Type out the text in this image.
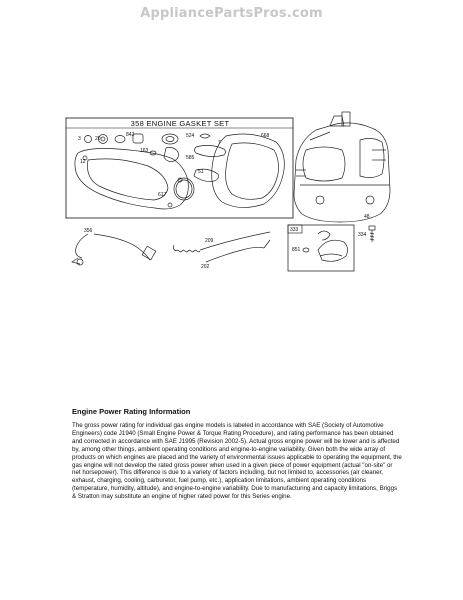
AppliancePartsPros.com
358 ENGINE GASKET SET
3	20
842	524	668
163
7
585
12
51
617
48
356
209
202
333
851
334
Engine Power Rating Information

The gross power rating for individual gas engine models is labeled in accordance with SAE (Society of Automotive Engineers) code J1940 (Small Engine Power & Torque Rating Procedure), and rating performance has been obtained and corrected in accordance with SAE J1995 (Revision 2002-5). Actual gross engine power will be lower and is affected by, among other things, ambient operating conditions and engine-to-engine variability. Given both the wide array of products on which engines are placed and the variety of environmental issues applicable to operating the equipment, the gas engine will not develop the rated gross power when used in a given piece of power equipment (actual "on-site" or net horsepower). This difference is due to a variety of factors including, but not limited to, accessories (air cleaner, exhaust, charging, cooling, carburetor, fuel pump, etc.), application limitations, ambient operating conditions (temperature, humidity, altitude), and engine-to-engine variability. Due to manufacturing and capacity limitations, Briggs & Stratton may substitute an engine of higher rated power for this Series engine.
